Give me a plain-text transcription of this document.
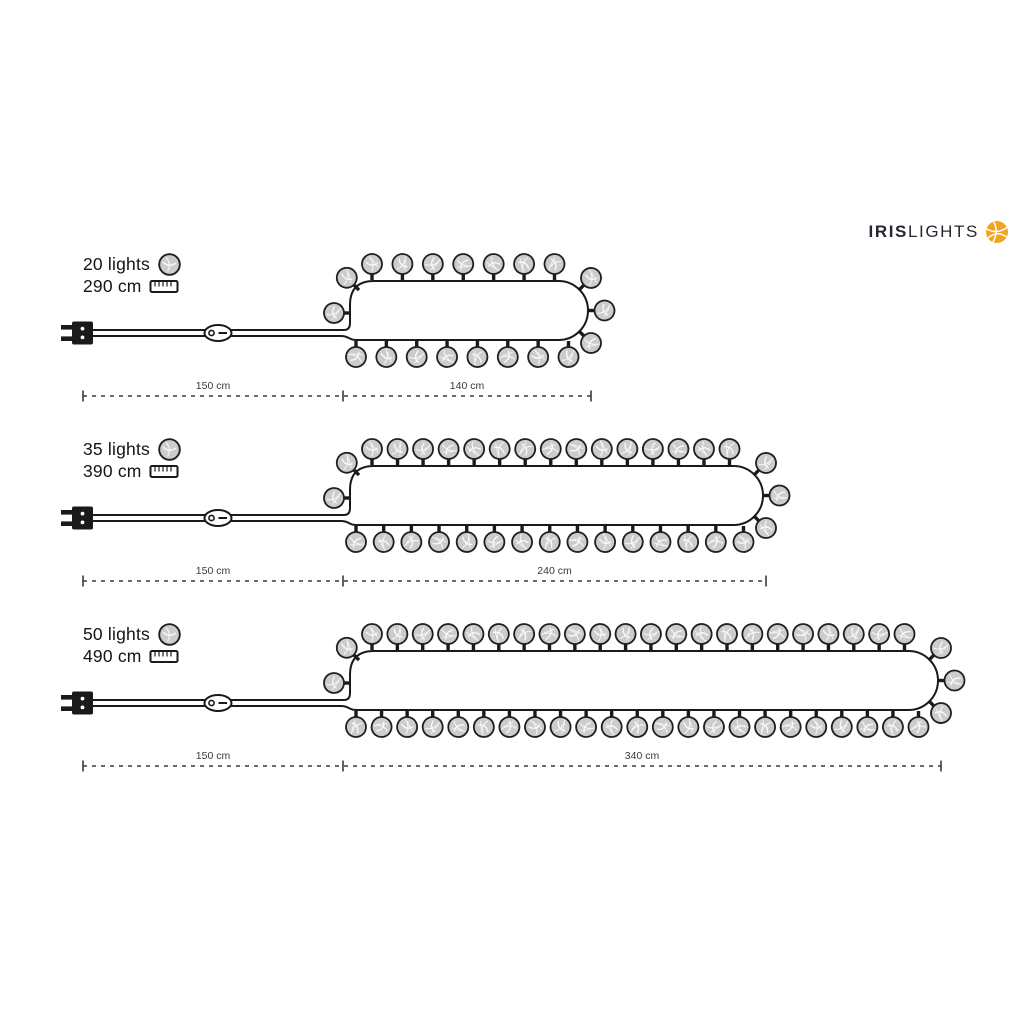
150 cm	140 cm
150 cm	240 cm
150 cm	340 cm
20 lights
290 cm
35 lights
390 cm
50 lights
490 cm
IRIS LIGHTS
